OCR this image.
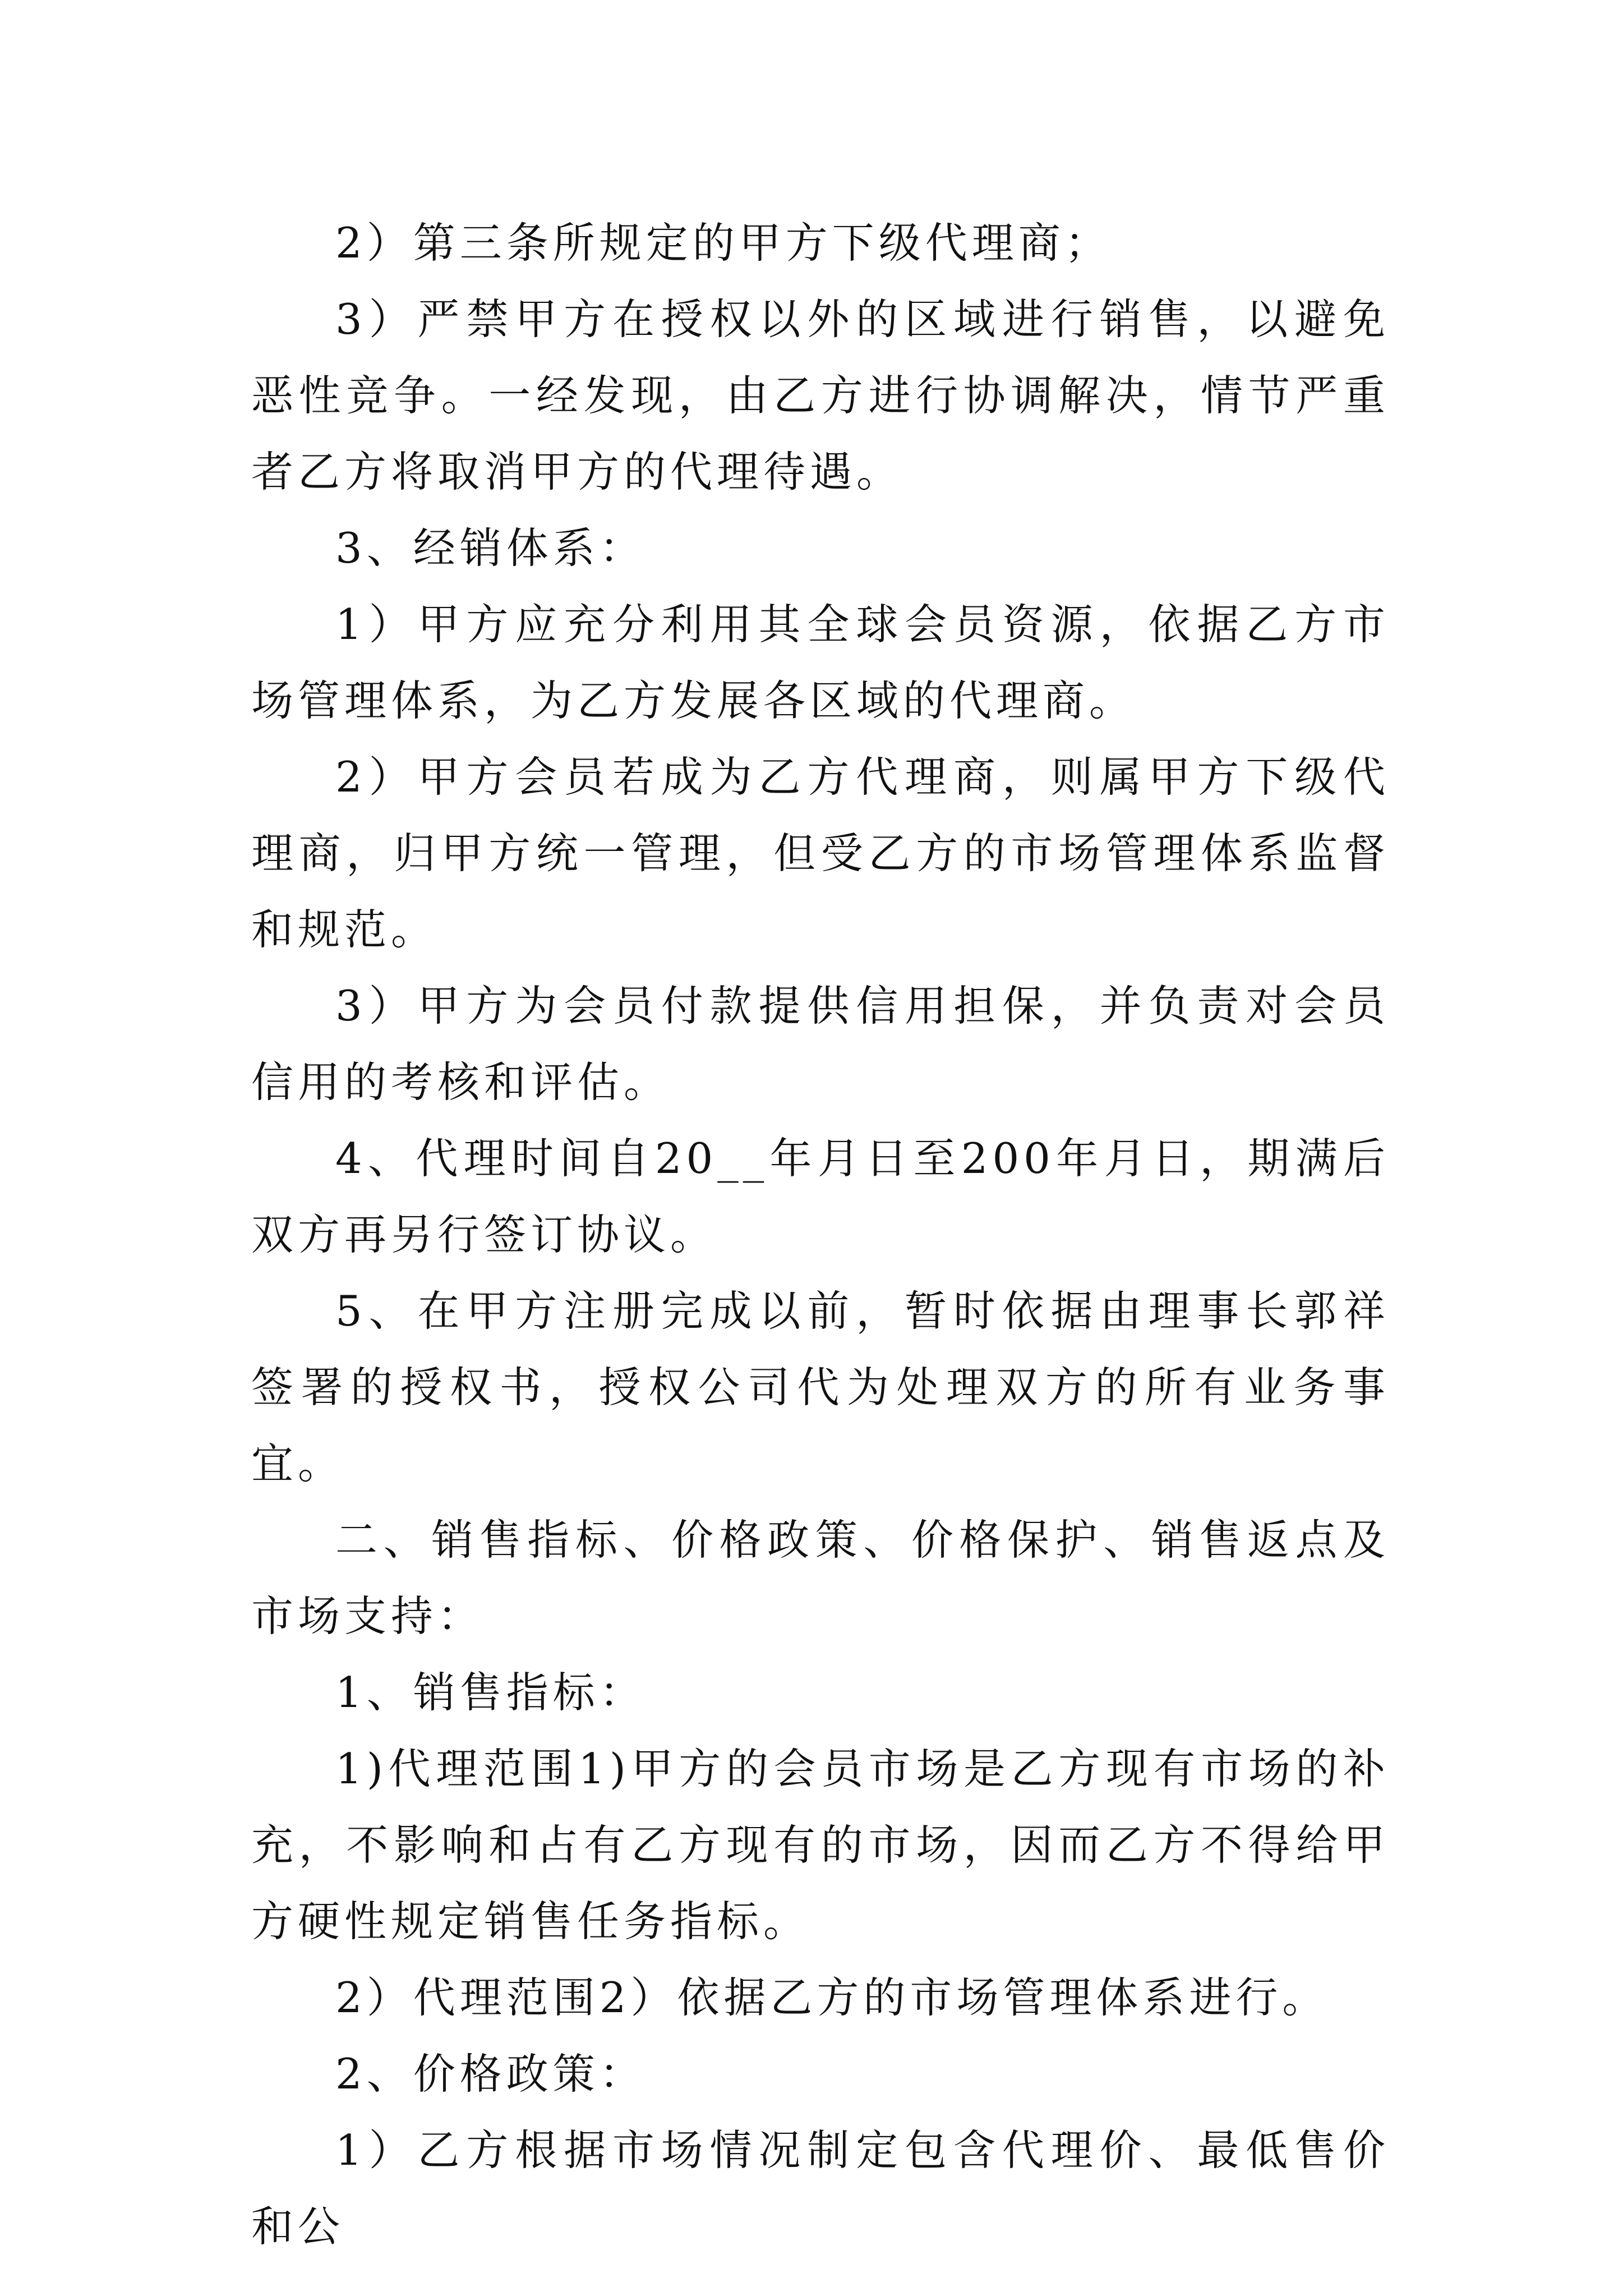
2）第三条所规定的甲方下级代理商；

3）严禁甲方在授权以外的区域进行销售，以避免恶性竞争。一经发现，由乙方进行协调解决，情节严重者乙方将取消甲方的代理待遇。

3、经销体系：

1）甲方应充分利用其全球会员资源，依据乙方市场管理体系，为乙方发展各区域的代理商。

2）甲方会员若成为乙方代理商，则属甲方下级代理商，归甲方统一管理，但受乙方的市场管理体系监督和规范。

3）甲方为会员付款提供信用担保，并负责对会员信用的考核和评估。

4、代理时间自20__年月日至200年月日，期满后双方再另行签订协议。

5、在甲方注册完成以前，暂时依据由理事长郭祥签署的授权书，授权公司代为处理双方的所有业务事宜。

二、销售指标、价格政策、价格保护、销售返点及市场支持：

1、销售指标：

1)代理范围1)甲方的会员市场是乙方现有市场的补充，不影响和占有乙方现有的市场，因而乙方不得给甲方硬性规定销售任务指标。

2）代理范围2）依据乙方的市场管理体系进行。

2、价格政策：

1）乙方根据市场情况制定包含代理价、最低售价和公
